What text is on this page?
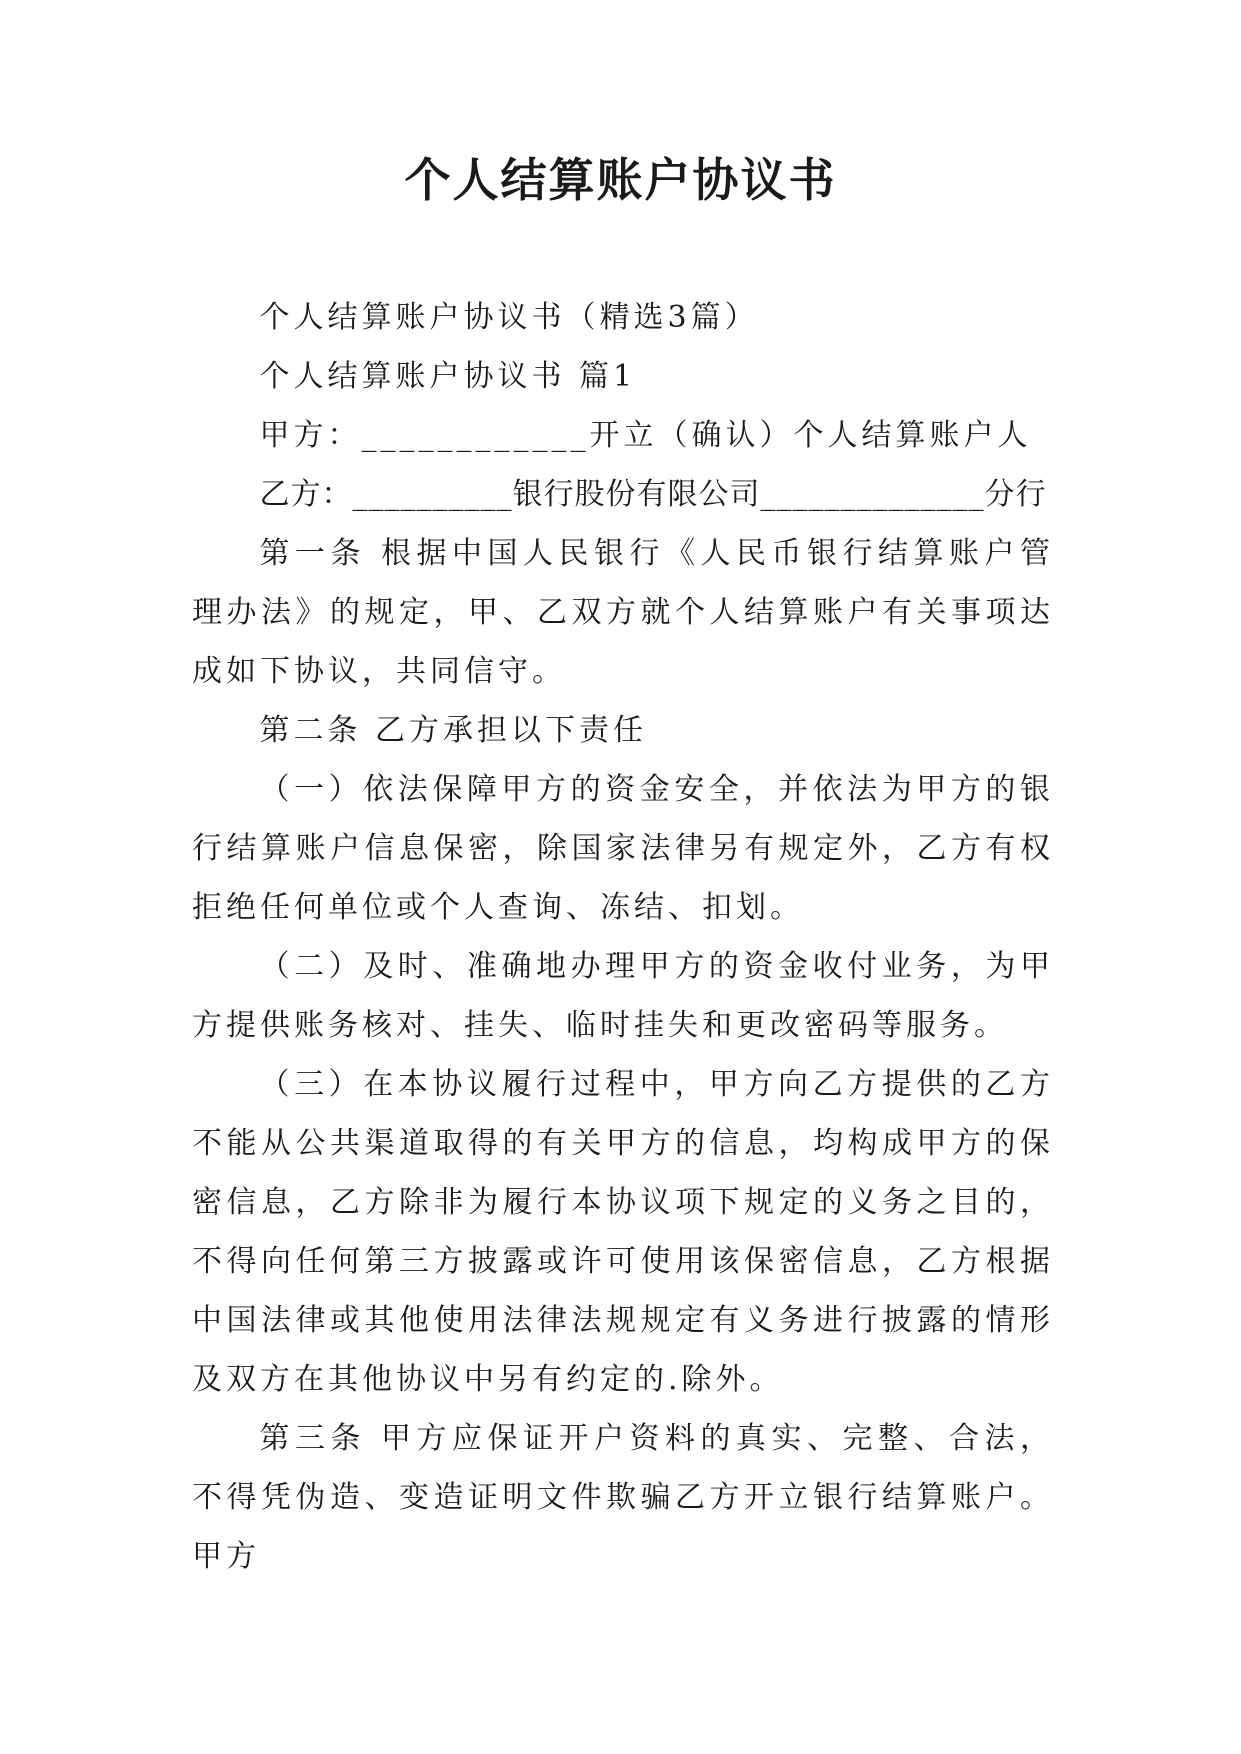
个人结算账户协议书

个人结算账户协议书（精选3篇）

个人结算账户协议书 篇1

甲方：____________开立（确认）个人结算账户人

乙方：__________银行股份有限公司______________分行

第一条 根据中国人民银行《人民币银行结算账户管理办法》的规定，甲、乙双方就个人结算账户有关事项达成如下协议，共同信守。

第二条 乙方承担以下责任

（一）依法保障甲方的资金安全，并依法为甲方的银行结算账户信息保密，除国家法律另有规定外，乙方有权拒绝任何单位或个人查询、冻结、扣划。

（二）及时、准确地办理甲方的资金收付业务，为甲方提供账务核对、挂失、临时挂失和更改密码等服务。

（三）在本协议履行过程中，甲方向乙方提供的乙方不能从公共渠道取得的有关甲方的信息，均构成甲方的保密信息，乙方除非为履行本协议项下规定的义务之目的，不得向任何第三方披露或许可使用该保密信息，乙方根据中国法律或其他使用法律法规规定有义务进行披露的情形及双方在其他协议中另有约定的.除外。

第三条 甲方应保证开户资料的真实、完整、合法，不得凭伪造、变造证明文件欺骗乙方开立银行结算账户。甲方
